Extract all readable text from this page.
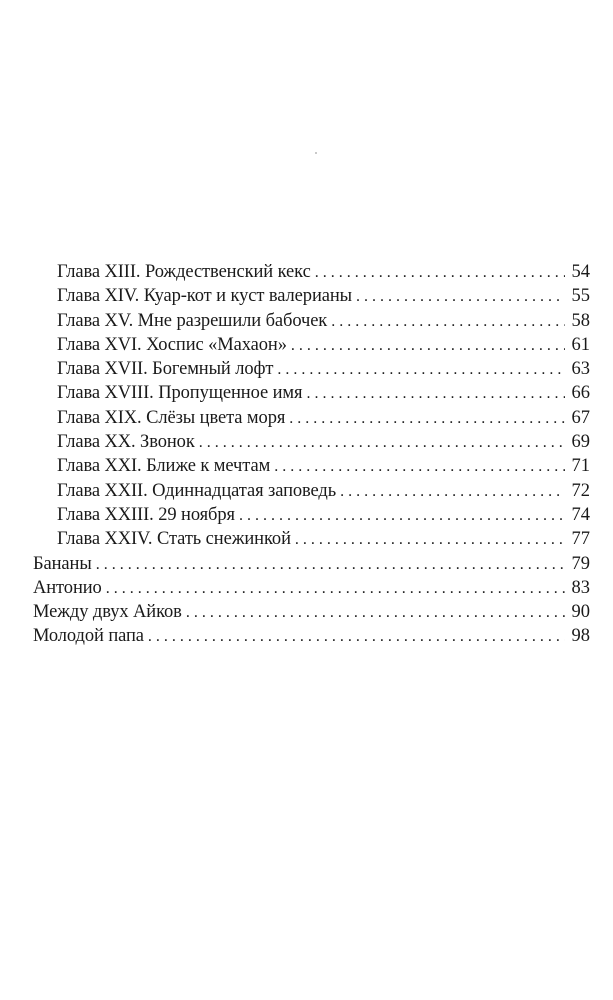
Глава XIII. Рождественский кекс . . .	54
Глава XIV. Куар-кот и куст валерианы . . .	55
Глава XV. Мне разрешили бабочек . . .	58
Глава XVI. Хоспис «Махаон» . . .	61
Глава XVII. Богемный лофт . . .	63
Глава XVIII. Пропущенное имя . . .	66
Глава XIX. Слёзы цвета моря . . .	67
Глава XX. Звонок . . .	69
Глава XXI. Ближе к мечтам . . .	71
Глава XXII. Одиннадцатая заповедь . . .	72
Глава XXIII. 29 ноября . . .	74
Глава XXIV. Стать снежинкой . . .	77
Бананы . . .	79
Антонио . . .	83
Между двух Айков . . .	90
Молодой папа . . .	98
